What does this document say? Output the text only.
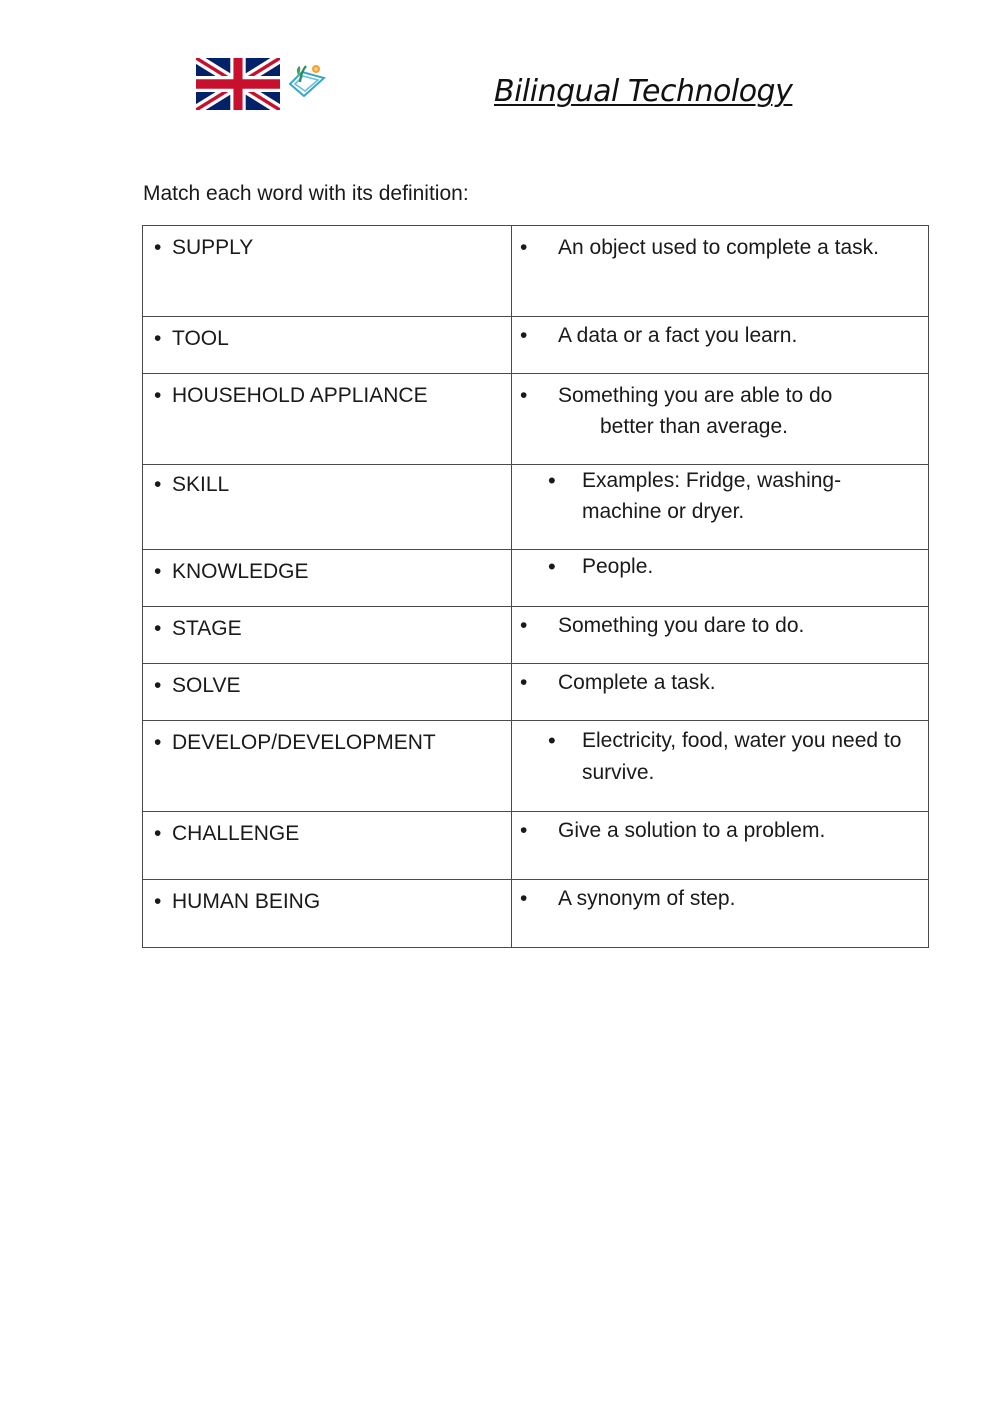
Bilingual Technology
Match each word with its definition:
• SUPPLY	• An object used to complete a task.

• TOOL	• A data or a fact you learn.

• HOUSEHOLD APPLIANCE	• Something you are able to do
better than average.

• SKILL	• Examples: Fridge, washing-machine or dryer.

• KNOWLEDGE	• People.

• STAGE	• Something you dare to do.

• SOLVE	• Complete a task.

• DEVELOP/DEVELOPMENT	• Electricity, food, water you need to survive.

• CHALLENGE	• Give a solution to a problem.

• HUMAN BEING	• A synonym of step.
